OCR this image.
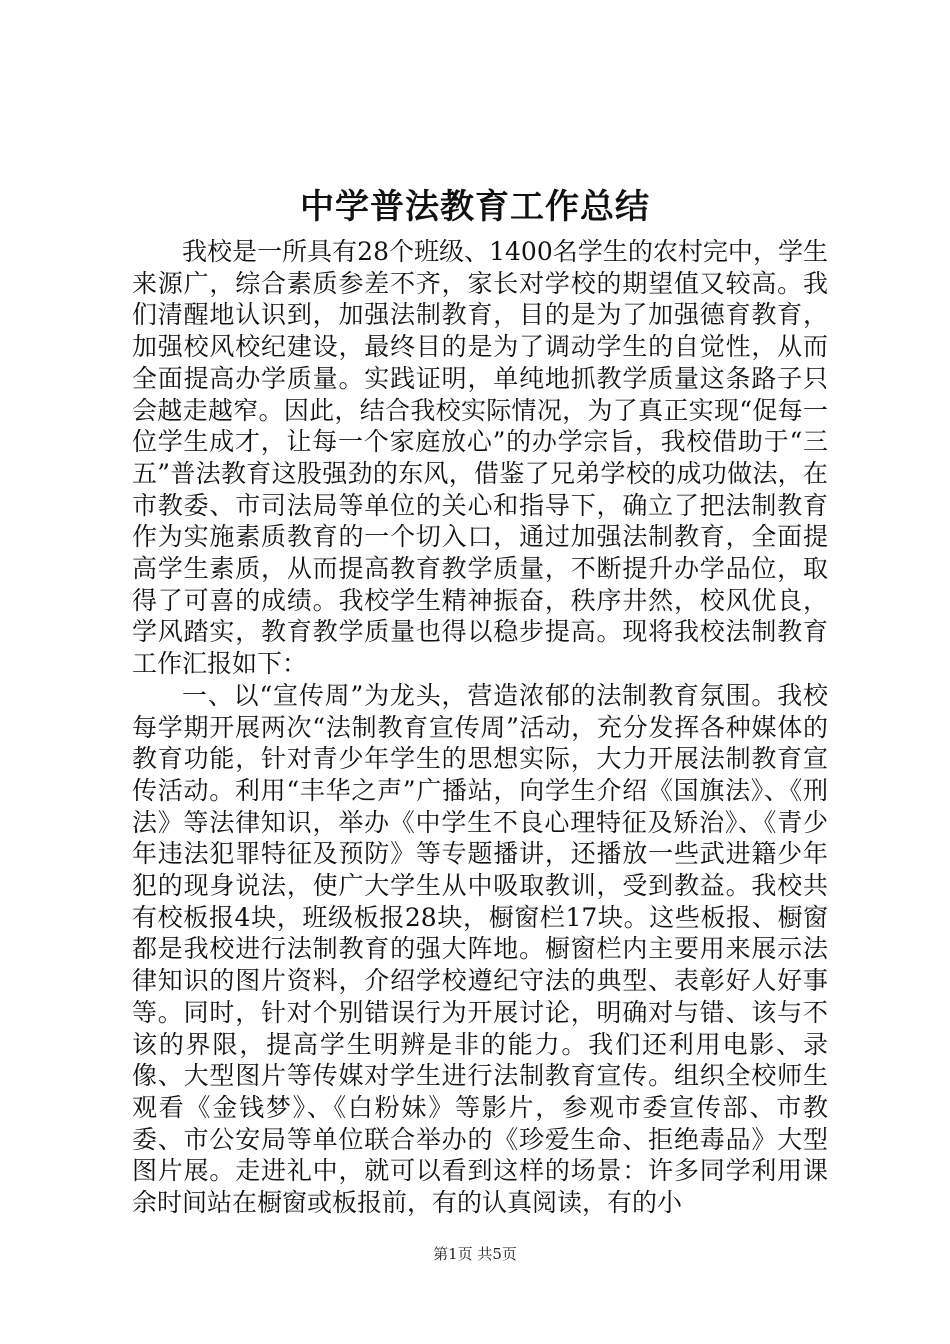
中学普法教育工作总结

我校是一所具有28个班级、1400名学生的农村完中，学生来源广，综合素质参差不齐，家长对学校的期望值又较高。我们清醒地认识到，加强法制教育，目的是为了加强德育教育，加强校风校纪建设，最终目的是为了调动学生的自觉性，从而全面提高办学质量。实践证明，单纯地抓教学质量这条路子只会越走越窄。因此，结合我校实际情况，为了真正实现“促每一位学生成才，让每一个家庭放心”的办学宗旨，我校借助于“三五”普法教育这股强劲的东风，借鉴了兄弟学校的成功做法，在市教委、市司法局等单位的关心和指导下，确立了把法制教育作为实施素质教育的一个切入口，通过加强法制教育，全面提高学生素质，从而提高教育教学质量，不断提升办学品位，取得了可喜的成绩。我校学生精神振奋，秩序井然，校风优良，学风踏实，教育教学质量也得以稳步提高。现将我校法制教育工作汇报如下：

一、以“宣传周”为龙头，营造浓郁的法制教育氛围。我校每学期开展两次“法制教育宣传周”活动，充分发挥各种媒体的教育功能，针对青少年学生的思想实际，大力开展法制教育宣传活动。利用“丰华之声”广播站，向学生介绍《国旗法》、《刑法》等法律知识，举办《中学生不良心理特征及矫治》、《青少年违法犯罪特征及预防》等专题播讲，还播放一些武进籍少年犯的现身说法，使广大学生从中吸取教训，受到教益。我校共有校板报4块，班级板报28块，橱窗栏17块。这些板报、橱窗都是我校进行法制教育的强大阵地。橱窗栏内主要用来展示法律知识的图片资料，介绍学校遵纪守法的典型、表彰好人好事等。同时，针对个别错误行为开展讨论，明确对与错、该与不该的界限，提高学生明辨是非的能力。我们还利用电影、录像、大型图片等传媒对学生进行法制教育宣传。组织全校师生观看《金钱梦》、《白粉妹》等影片，参观市委宣传部、市教委、市公安局等单位联合举办的《珍爱生命、拒绝毒品》大型图片展。走进礼中，就可以看到这样的场景：许多同学利用课余时间站在橱窗或板报前，有的认真阅读，有的小

第1页 共5页
